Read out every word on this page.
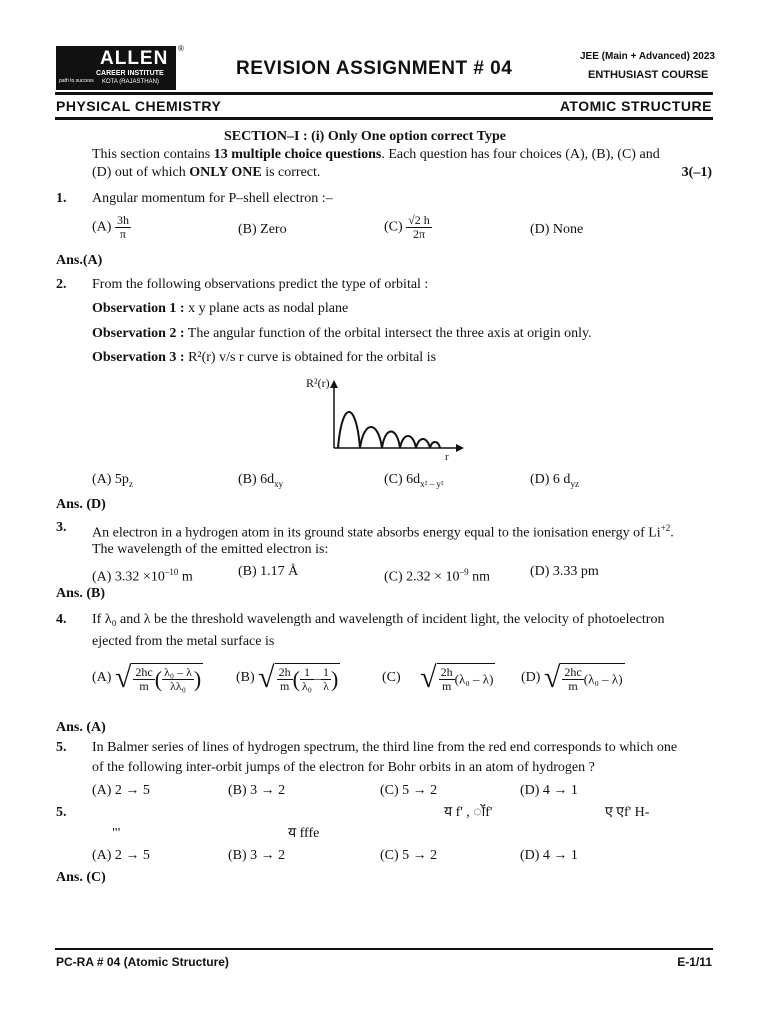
ALLEN
CAREER INSTITUTE
KOTA (RAJASTHAN)
path to success
®
REVISION ASSIGNMENT # 04
JEE (Main + Advanced) 2023
ENTHUSIAST COURSE
PHYSICAL CHEMISTRY	ATOMIC STRUCTURE
SECTION–I : (i) Only One option correct Type
This section contains 13 multiple choice questions. Each question has four choices (A), (B), (C) and
(D) out of which ONLY ONE is correct.	3(–1)
1. Angular momentum for P–shell electron :–
$(A) \frac{3h}{\pi}$	(B) Zero	$(C) \frac{√2 h}{2\pi}$	(D) None
Ans.(A)
2. From the following observations predict the type of orbital :
Observation 1 : x y plane acts as nodal plane
Observation 2 : The angular function of the orbital intersect the three axis at origin only.
Observation 3 : R²(r) v/s r curve is obtained for the orbital is
R²(r)
r
(A) $5p_z$	(B) $6d_{xy}$	(C) $6d_{x^2 - y^2}$	(D) 6 $d_{yz}$
Ans. (D)
3. An electron in a hydrogen atom in its ground state absorbs energy equal to the ionisation energy of $Li^{+2}$.
The wavelength of the emitted electron is:
(A) $3.32 \times 10^{-10}$ m	(B) 1.17 Å	(C) $2.32 \times 10^{-9}$ nm	(D) 3.33 pm
Ans. (B)
4. If λ₀ and λ be the threshold wavelength and wavelength of incident light, the velocity of photoelectron
ejected from the metal surface is
(A) √ $\frac{2hc}{m}$ ( $\frac{\text{λ₀ – λ}}{\text{λλ₀}}$ ) (B) √ $\frac{2h}{m}$ ( $\frac{1}{\text{λ₀}} - \frac{1}{\lambda}$ )	(C) √ $\frac{2h}{m} (\lambda_0 - \lambda)$ (D) √ $\frac{2hc}{m} (\lambda_0 - \lambda)$
Ans. (A)
5. In Balmer series of lines of hydrogen spectrum, the third line from the red end corresponds to which one
of the following inter-orbit jumps of the electron for Bohr orbits in an atom of hydrogen ?
(A) 2 → 5	(B) 3 → 2	(C) 5 → 2	(D) 4 → 1
5.	य f' , ॉf'	ए एf' H-
"'	य fffe
(A) 2 → 5	(B) 3 → 2	(C) 5 → 2	(D) 4 → 1
Ans. (C)
PC-RA # 04 (Atomic Structure)	E-1/11
